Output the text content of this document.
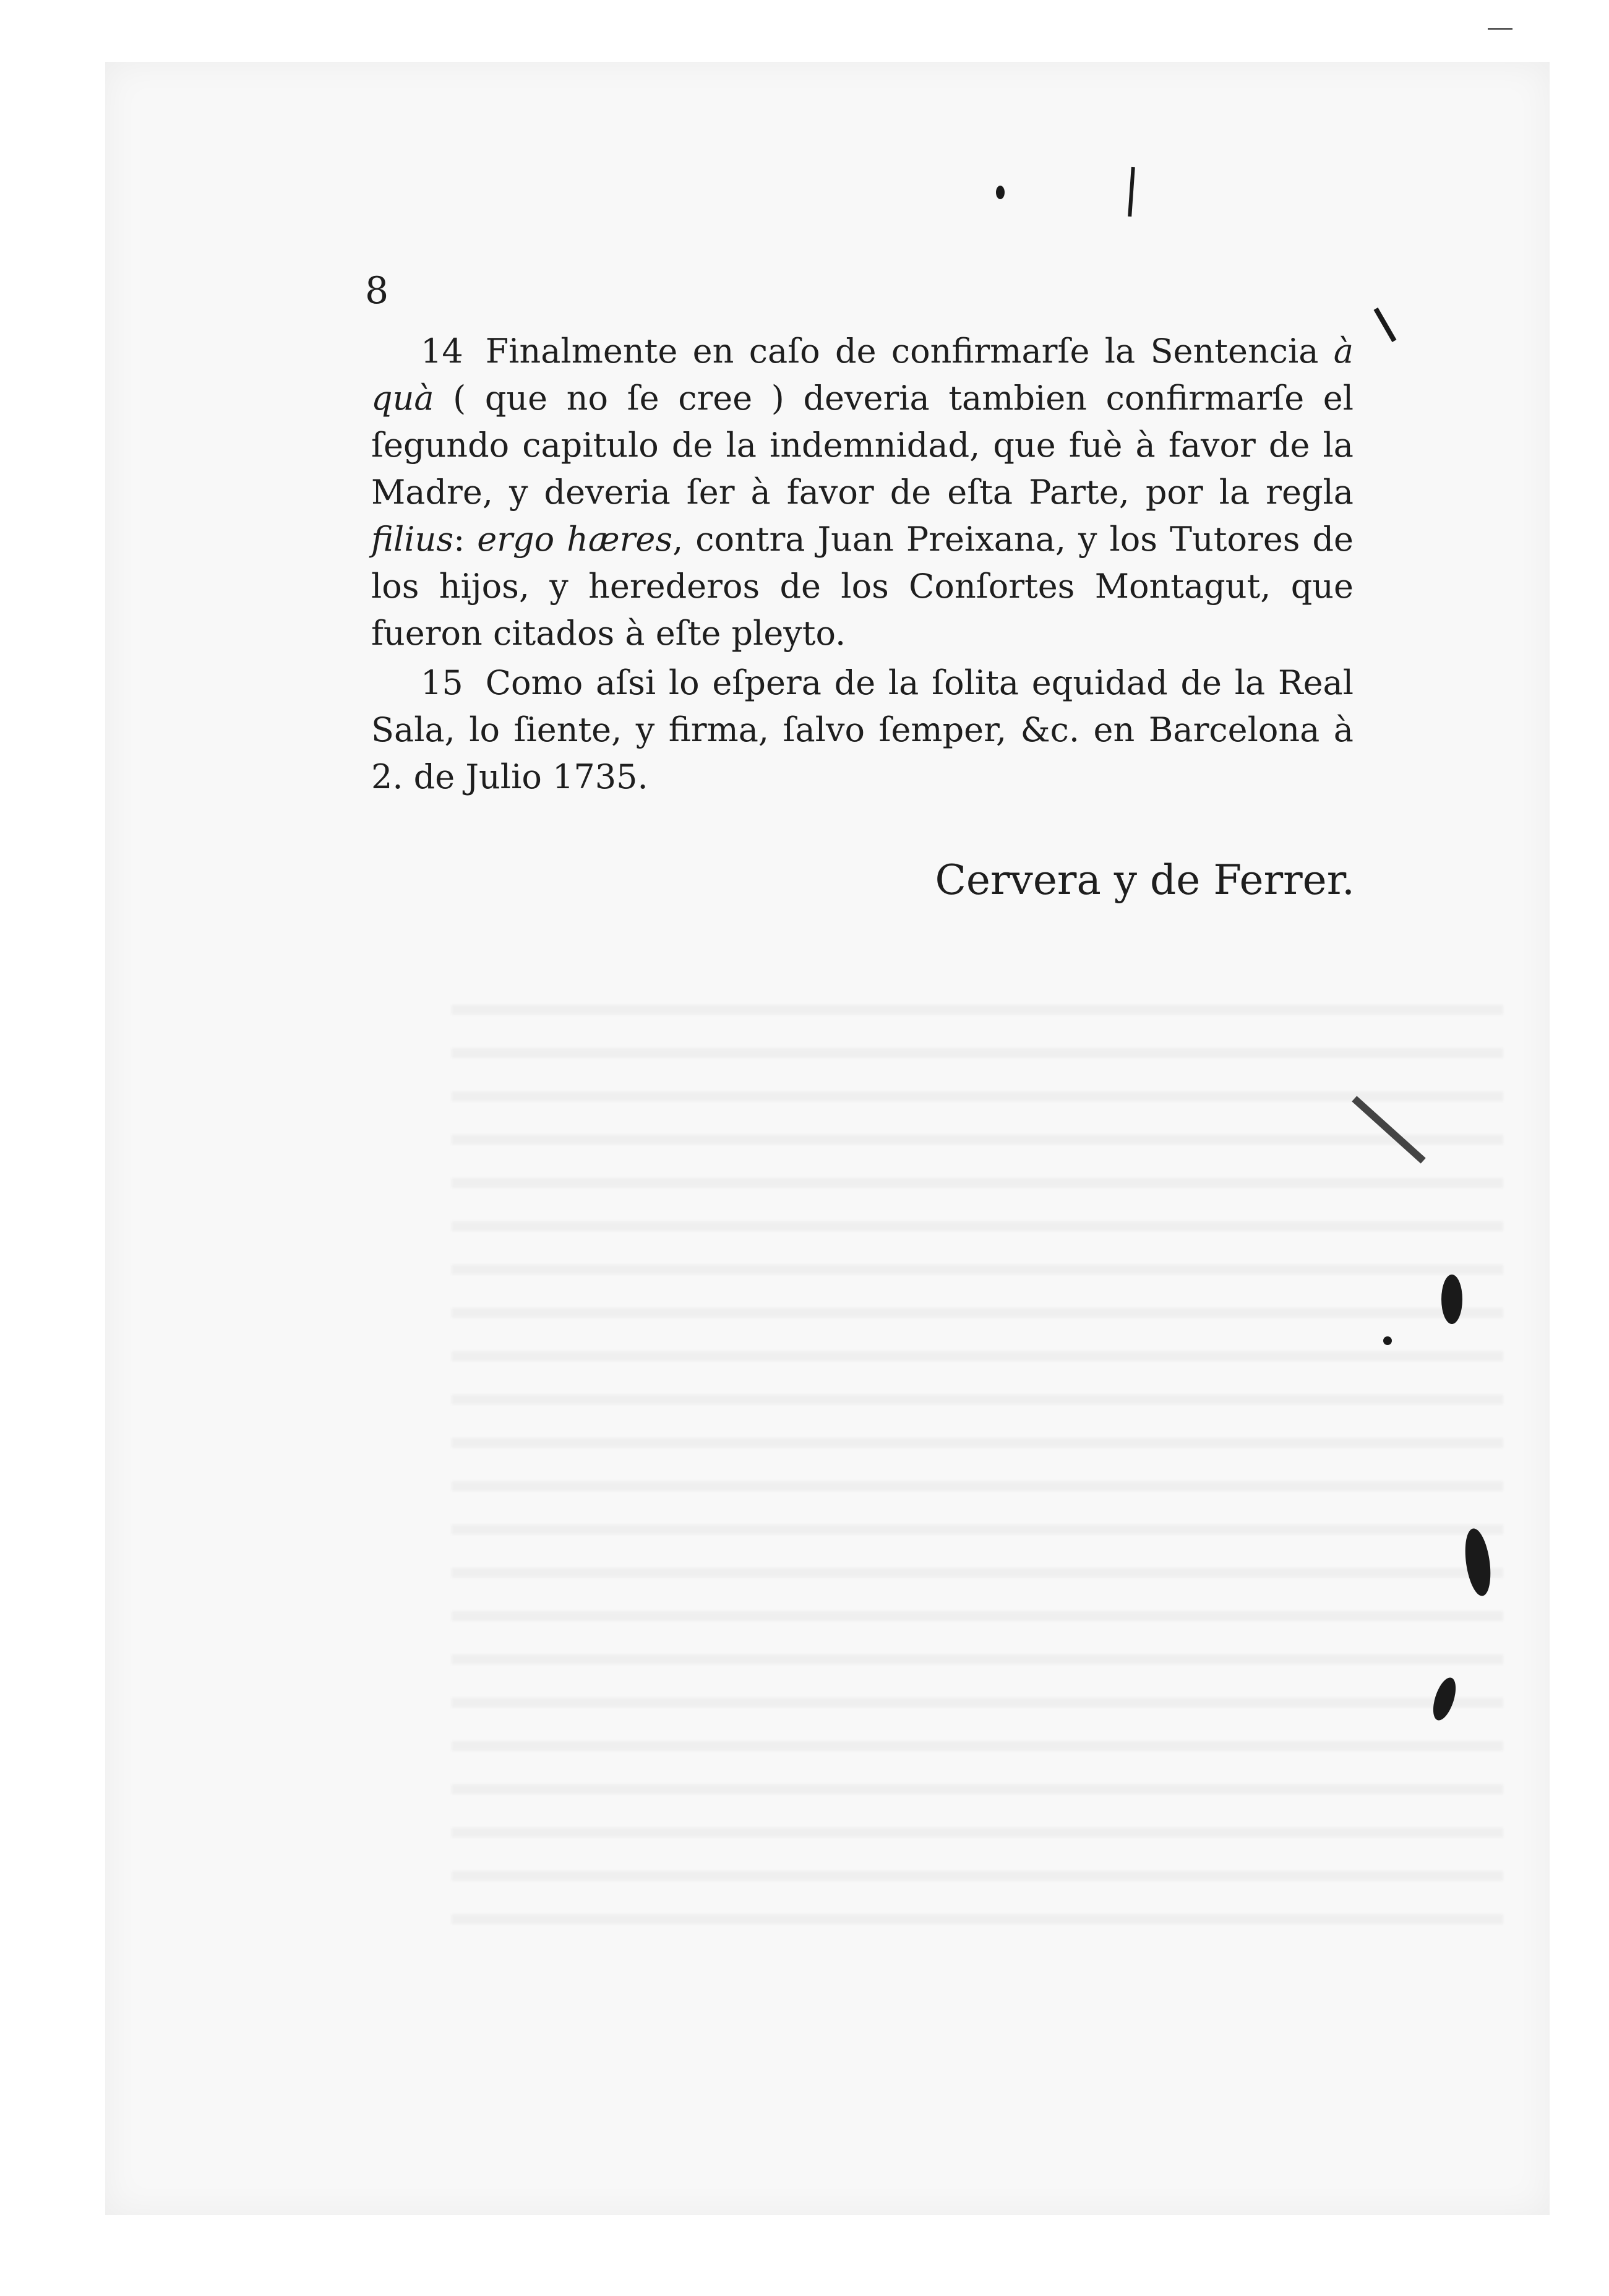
8

14 Finalmente en caſo de confirmarſe la Sentencia à quà ( que no ſe cree ) deveria tambien confirmarſe el ſegundo capitulo de la indemnidad, que fuè à favor de la Madre, y deveria ſer à favor de eſta Parte, por la regla filius: ergo hæres, contra Juan Preixana, y los Tutores de los hijos, y herederos de los Conſortes Montagut, que fueron citados à eſte pleyto.

15 Como aſsi lo eſpera de la ſolita equidad de la Real Sala, lo ſiente, y firma, ſalvo ſemper, &c. en Barcelona à 2. de Julio 1735.

Cervera y de Ferrer.
